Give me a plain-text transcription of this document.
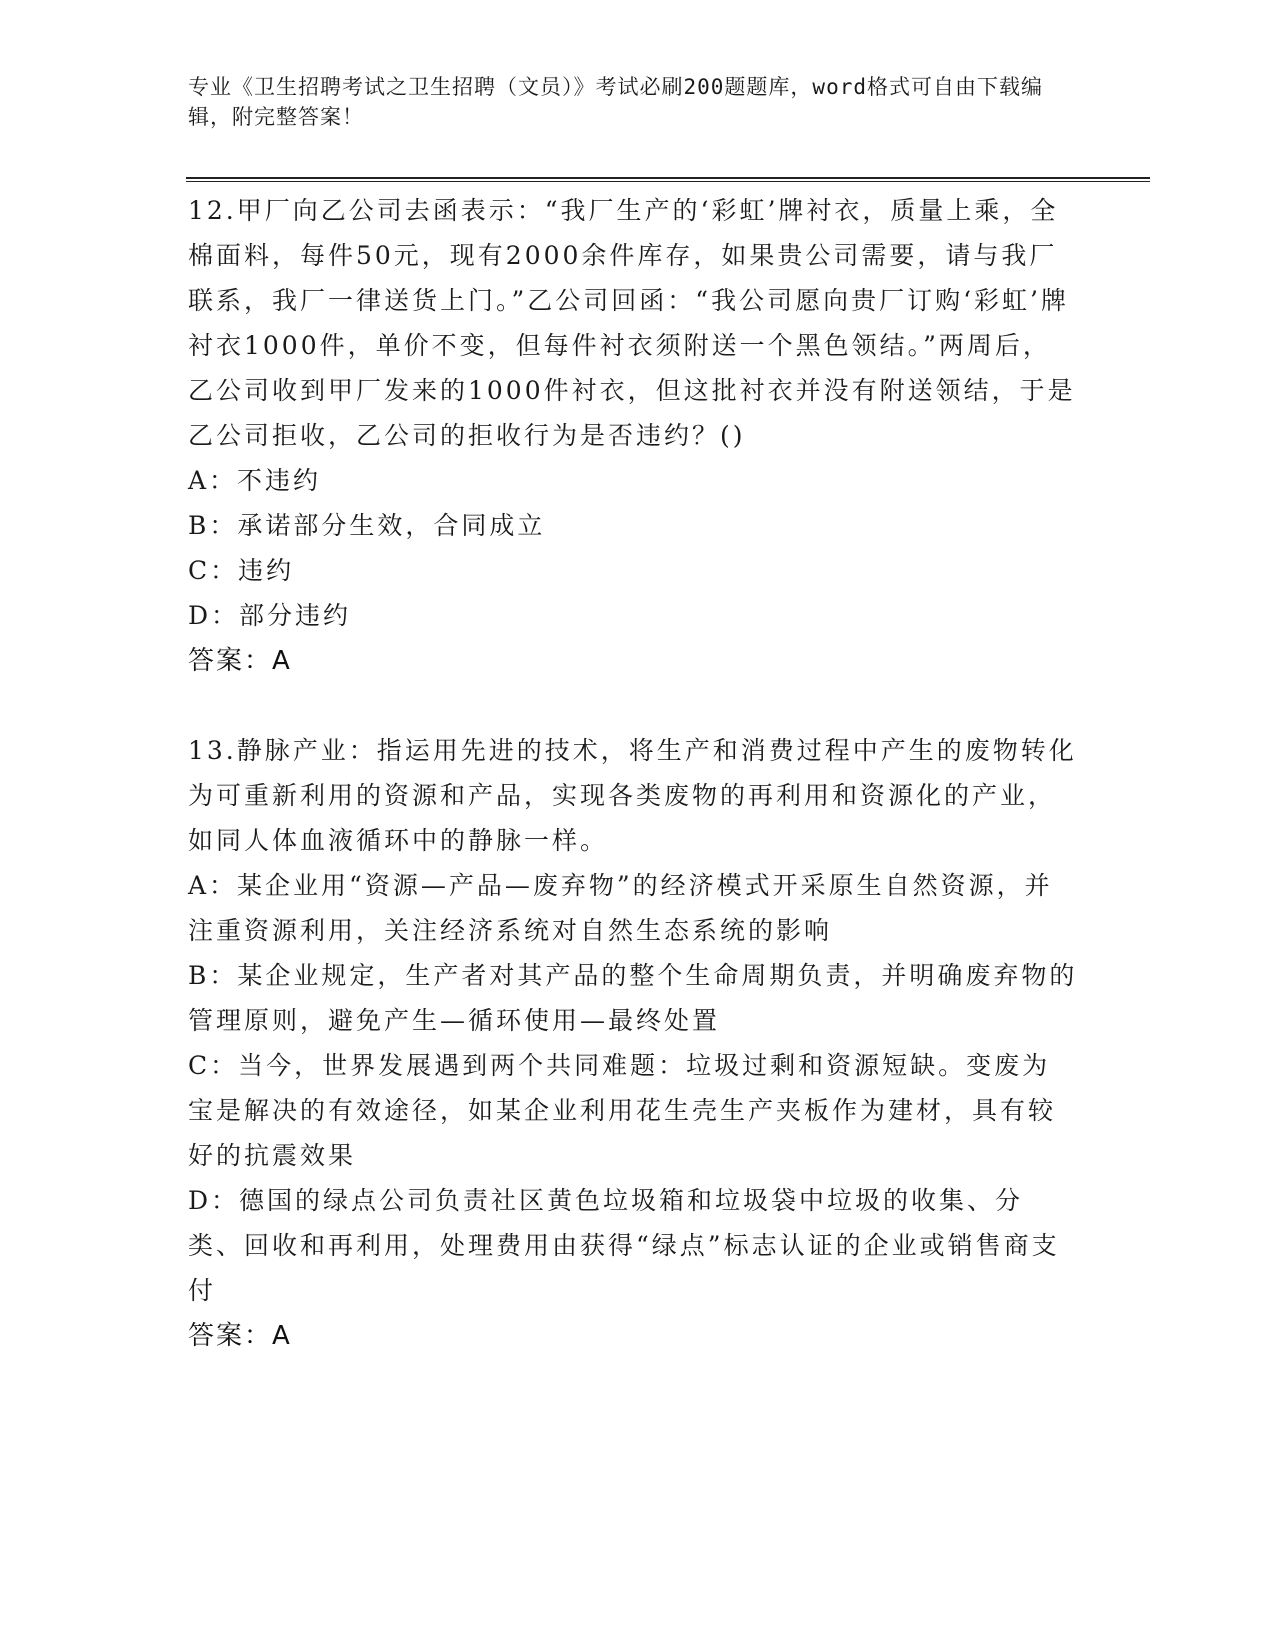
专业《卫生招聘考试之卫生招聘（文员）》考试必刷200题题库，word格式可自由下载编辑，附完整答案！

12.甲厂向乙公司去函表示：“我厂生产的‘彩虹’牌衬衣，质量上乘，全棉面料，每件50元，现有2000余件库存，如果贵公司需要，请与我厂联系，我厂一律送货上门。”乙公司回函：“我公司愿向贵厂订购‘彩虹’牌衬衣1000件，单价不变，但每件衬衣须附送一个黑色领结。”两周后，乙公司收到甲厂发来的1000件衬衣，但这批衬衣并没有附送领结，于是乙公司拒收，乙公司的拒收行为是否违约？()

A：不违约

B：承诺部分生效，合同成立

C：违约

D：部分违约

答案：A

13.静脉产业：指运用先进的技术，将生产和消费过程中产生的废物转化为可重新利用的资源和产品，实现各类废物的再利用和资源化的产业，如同人体血液循环中的静脉一样。

A：某企业用“资源—产品—废弃物”的经济模式开采原生自然资源，并注重资源利用，关注经济系统对自然生态系统的影响

B：某企业规定，生产者对其产品的整个生命周期负责，并明确废弃物的管理原则，避免产生—循环使用—最终处置

C：当今，世界发展遇到两个共同难题：垃圾过剩和资源短缺。变废为宝是解决的有效途径，如某企业利用花生壳生产夹板作为建材，具有较好的抗震效果

D：德国的绿点公司负责社区黄色垃圾箱和垃圾袋中垃圾的收集、分类、回收和再利用，处理费用由获得“绿点”标志认证的企业或销售商支付

答案：A
